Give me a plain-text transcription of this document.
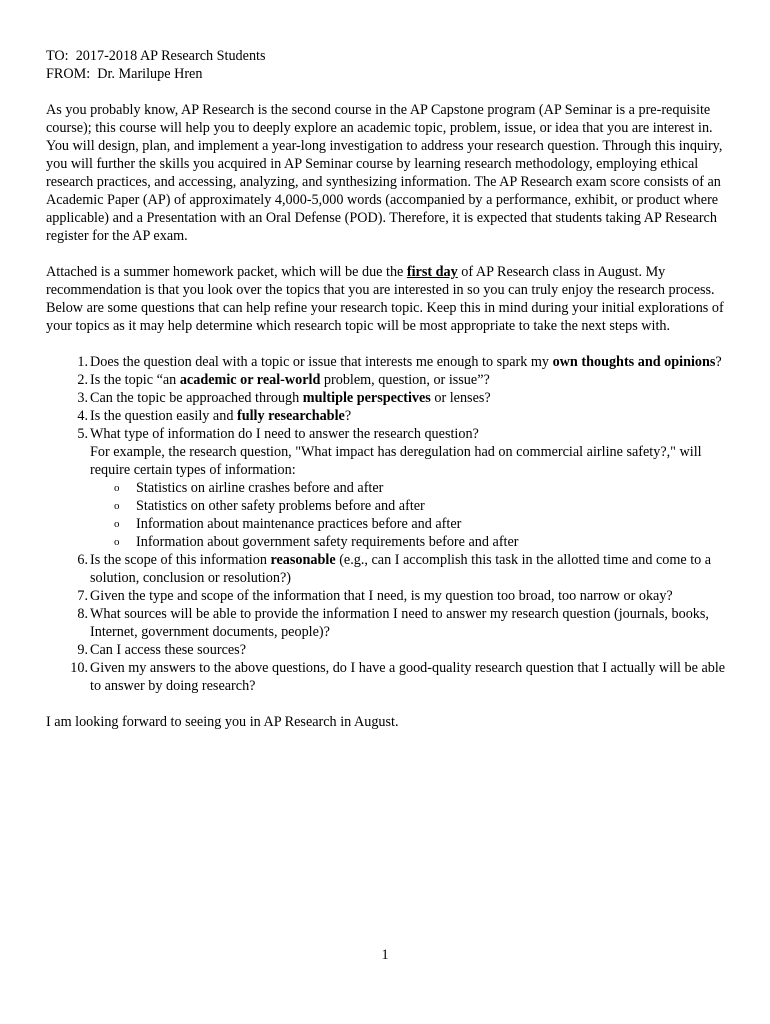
TO: 2017-2018 AP Research Students
FROM: Dr. Marilupe Hren

As you probably know, AP Research is the second course in the AP Capstone program (AP Seminar is a pre-requisite course); this course will help you to deeply explore an academic topic, problem, issue, or idea that you are interest in. You will design, plan, and implement a year-long investigation to address your research question. Through this inquiry, you will further the skills you acquired in AP Seminar course by learning research methodology, employing ethical research practices, and accessing, analyzing, and synthesizing information. The AP Research exam score consists of an Academic Paper (AP) of approximately 4,000-5,000 words (accompanied by a performance, exhibit, or product where applicable) and a Presentation with an Oral Defense (POD). Therefore, it is expected that students taking AP Research register for the AP exam.

Attached is a summer homework packet, which will be due the first day of AP Research class in August. My recommendation is that you look over the topics that you are interested in so you can truly enjoy the research process. Below are some questions that can help refine your research topic. Keep this in mind during your initial explorations of your topics as it may help determine which research topic will be most appropriate to take the next steps with.

1. Does the question deal with a topic or issue that interests me enough to spark my own thoughts and opinions?
2. Is the topic “an academic or real-world problem, question, or issue”?
3. Can the topic be approached through multiple perspectives or lenses?
4. Is the question easily and fully researchable?
5. What type of information do I need to answer the research question?
For example, the research question, "What impact has deregulation had on commercial airline safety?," will require certain types of information:
o Statistics on airline crashes before and after
o Statistics on other safety problems before and after
o Information about maintenance practices before and after
o Information about government safety requirements before and after
6. Is the scope of this information reasonable (e.g., can I accomplish this task in the allotted time and come to a solution, conclusion or resolution?)
7. Given the type and scope of the information that I need, is my question too broad, too narrow or okay?
8. What sources will be able to provide the information I need to answer my research question (journals, books, Internet, government documents, people)?
9. Can I access these sources?
10. Given my answers to the above questions, do I have a good-quality research question that I actually will be able to answer by doing research?

I am looking forward to seeing you in AP Research in August.

1
